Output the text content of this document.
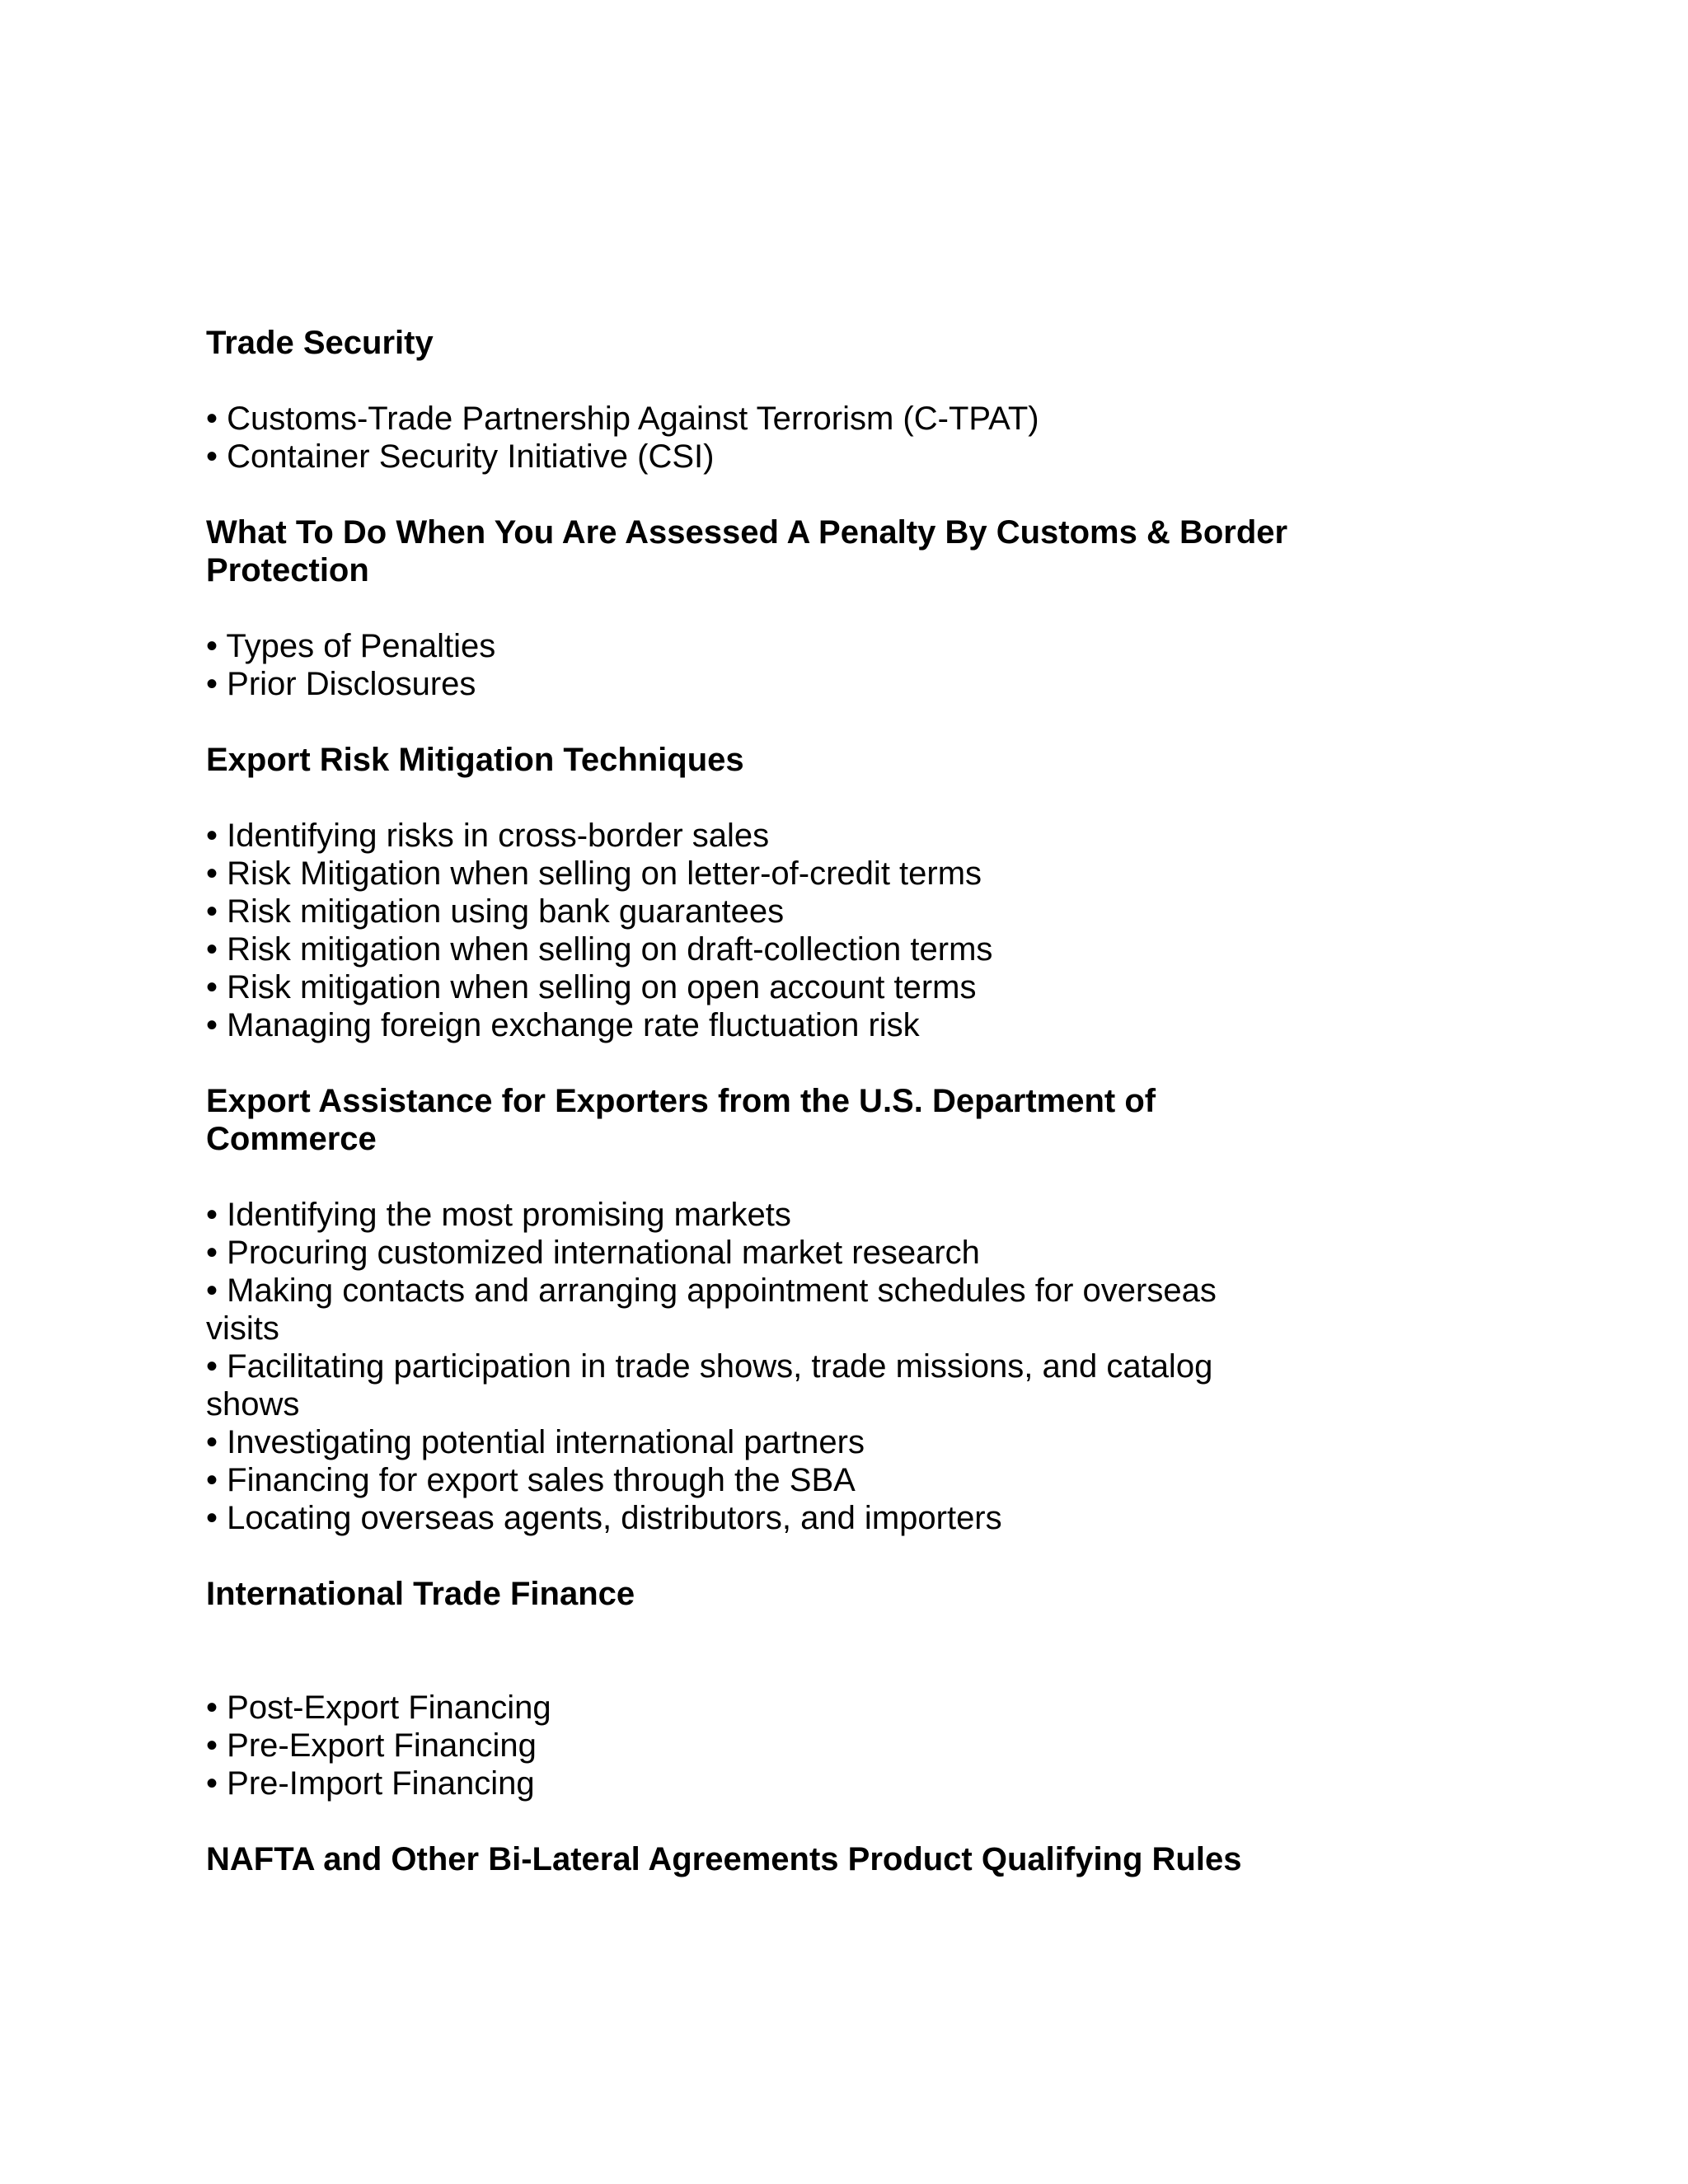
Trade Security
• Customs-Trade Partnership Against Terrorism (C-TPAT)
• Container Security Initiative (CSI)
What To Do When You Are Assessed A Penalty By Customs & Border Protection
• Types of Penalties
• Prior Disclosures
Export Risk Mitigation Techniques
• Identifying risks in cross-border sales
• Risk Mitigation when selling on letter-of-credit terms
• Risk mitigation using bank guarantees
• Risk mitigation when selling on draft-collection terms
• Risk mitigation when selling on open account terms
• Managing foreign exchange rate fluctuation risk
Export Assistance for Exporters from the U.S. Department of Commerce
• Identifying the most promising markets
• Procuring customized international market research
• Making contacts and arranging appointment schedules for overseas visits
• Facilitating participation in trade shows, trade missions, and catalog shows
• Investigating potential international partners
• Financing for export sales through the SBA
• Locating overseas agents, distributors, and importers
International Trade Finance
• Post-Export Financing
• Pre-Export Financing
• Pre-Import Financing
NAFTA and Other Bi-Lateral Agreements Product Qualifying Rules
